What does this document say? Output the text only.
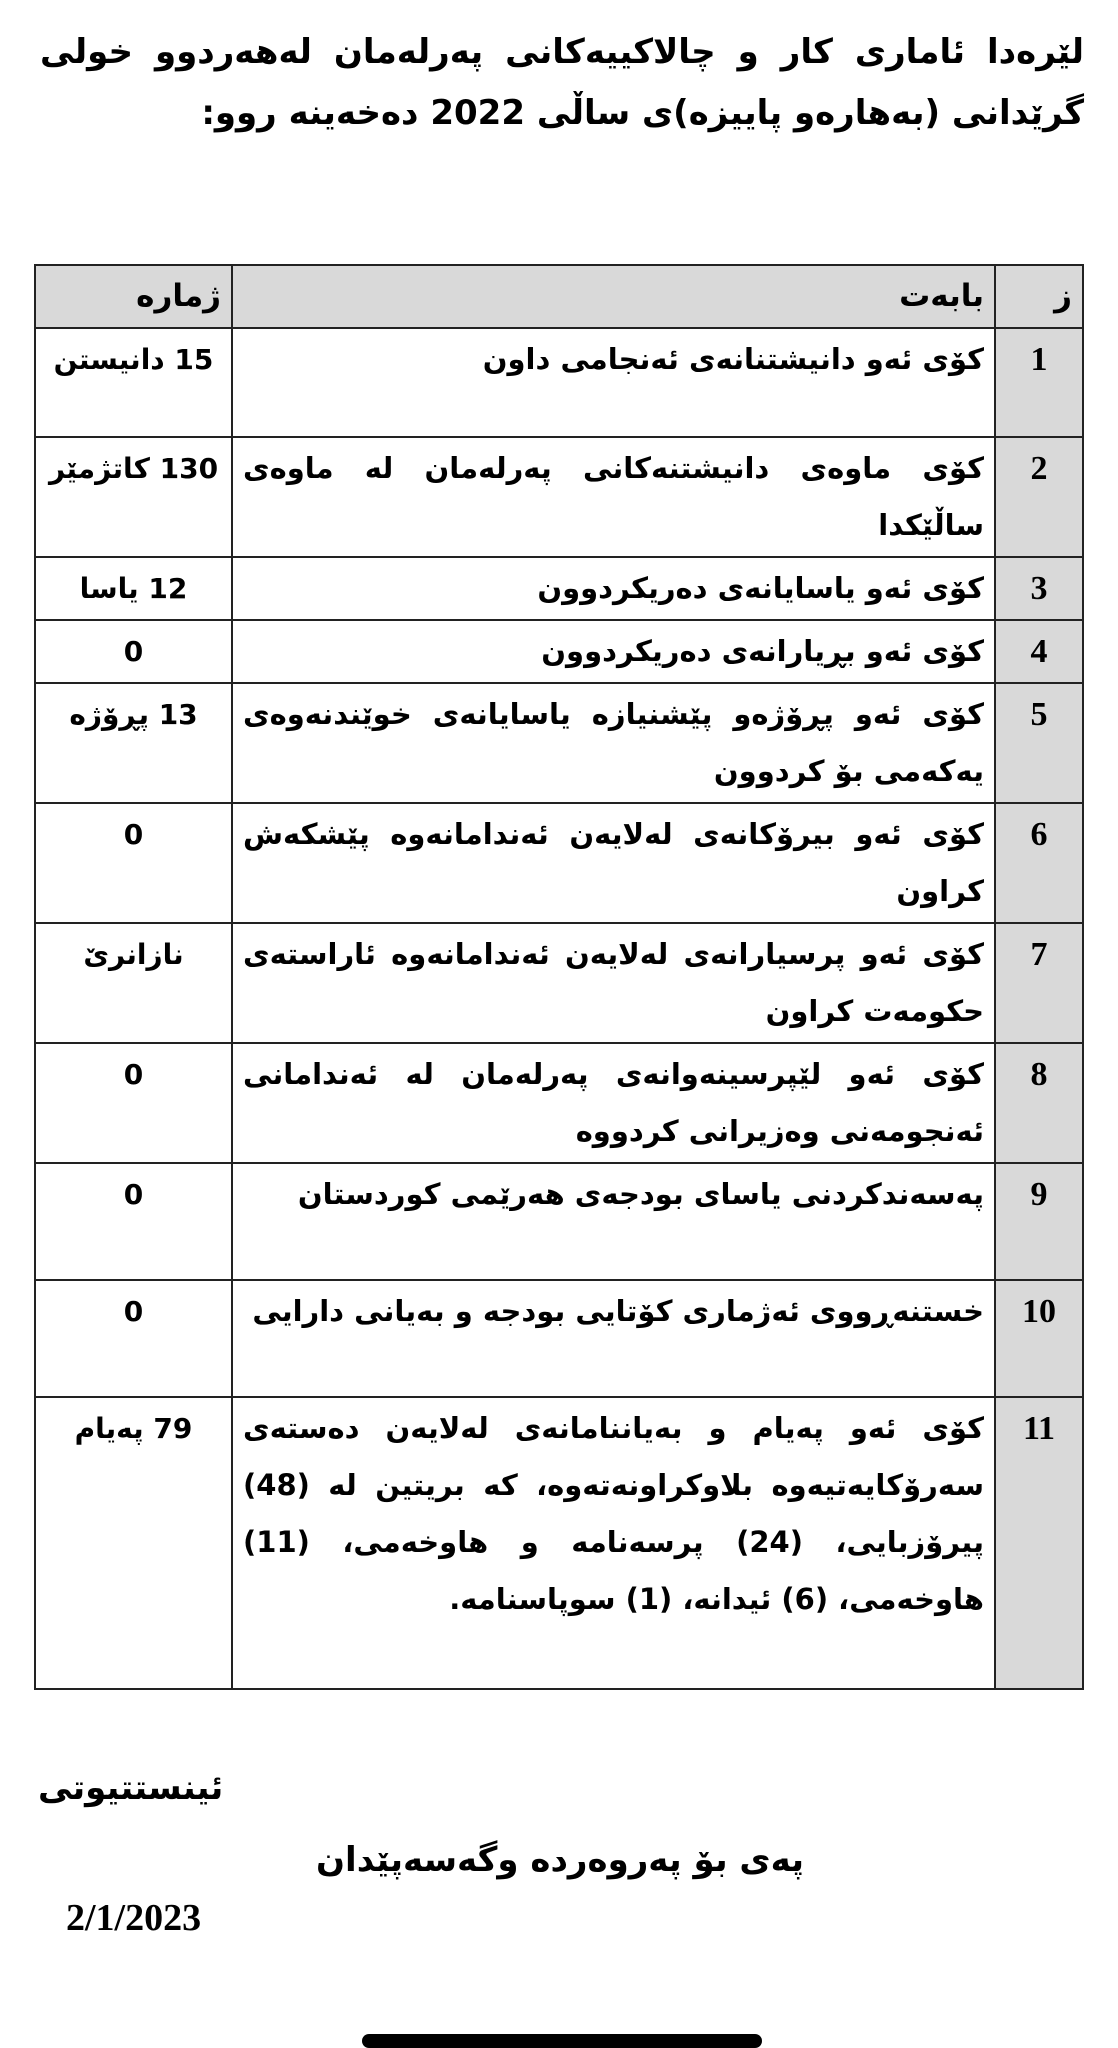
لێرەدا ئاماری کار و چالاکییەکانی پەرلەمان لەهەردوو خولی گرێدانی (بەهارەو پاییزە)ی ساڵی 2022 دەخەینە روو:
ز	بابەت	ژمارە
1	کۆی ئەو دانیشتنانەی ئەنجامی داون	15 دانیستن
2	کۆی ماوەی دانیشتنەکانی پەرلەمان لە ماوەی ساڵێکدا	130 کاتژمێر
3	کۆی ئەو یاسایانەی دەریکردوون	12 یاسا
4	کۆی ئەو بڕیارانەی دەریکردوون	0
5	کۆی ئەو پڕۆژەو پێشنیازە یاسایانەی خوێندنەوەی یەکەمی بۆ کردوون	13 پڕۆژە
6	کۆی ئەو بیرۆکانەی لەلایەن ئەندامانەوە پێشکەش کراون	0
7	کۆی ئەو پرسیارانەی لەلایەن ئەندامانەوە ئاراستەی حکومەت کراون	نازانرێ
8	کۆی ئەو لێپرسینەوانەی پەرلەمان لە ئەندامانی ئەنجومەنی وەزیرانی کردووە	0
9	پەسەندکردنی یاسای بودجەی هەرێمی کوردستان	0
10	خستنەڕووی ئەژماری کۆتایی بودجە و بەیانی دارایی	0
11	کۆی ئەو پەیام و بەیاننامانەی لەلایەن دەستەی سەرۆکایەتیەوە بلاوکراونەتەوە، کە بریتین لە (48) پیرۆزبایی، (24) پرسەنامە و هاوخەمی، (11) هاوخەمی، (6) ئیدانە، (1) سوپاسنامە.	79 پەیام
ئینستتیوتی
پەی بۆ پەروەردە وگەسەپێدان
2/1/2023
